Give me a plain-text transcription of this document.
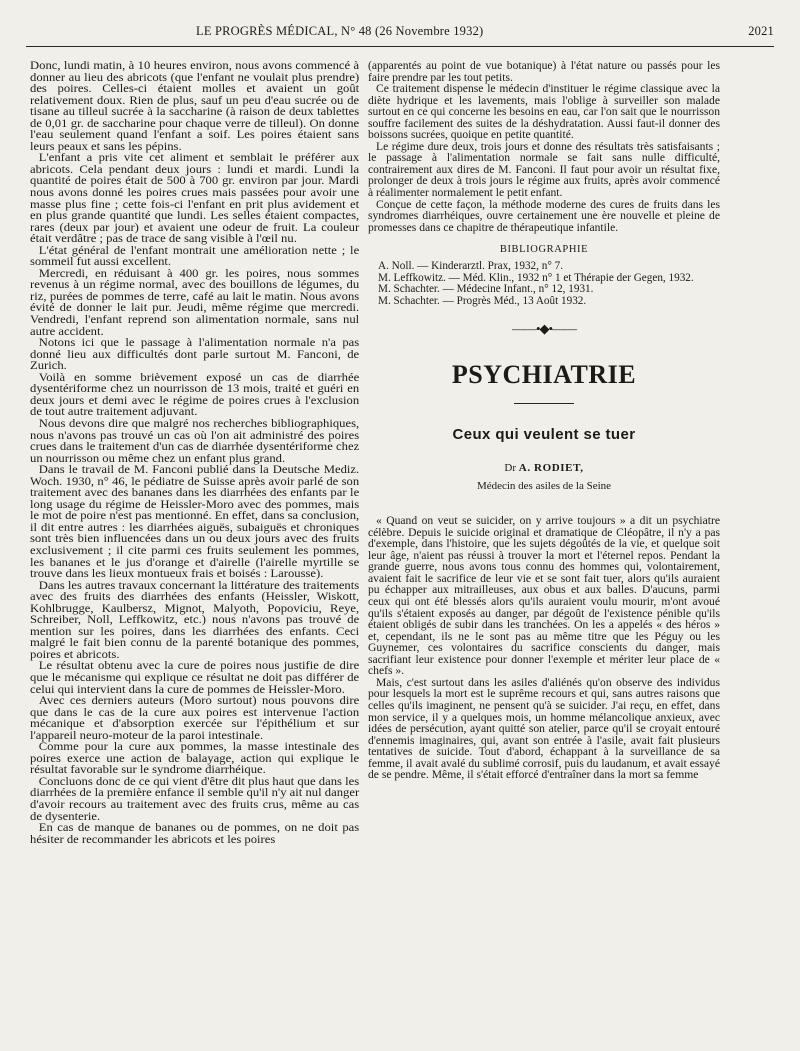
LE PROGRÈS MÉDICAL, N° 48 (26 Novembre 1932)	2021

Donc, lundi matin, à 10 heures environ, nous avons commencé à donner au lieu des abricots (que l'enfant ne voulait plus prendre) des poires. Celles-ci étaient molles et avaient un goût relativement doux. Rien de plus, sauf un peu d'eau sucrée ou de tisane au tilleul sucrée à la saccharine (à raison de deux tablettes de 0,01 gr. de saccharine pour chaque verre de tilleul). On donne l'eau seulement quand l'enfant a soif. Les poires étaient sans leurs peaux et sans les pépins.

L'enfant a pris vite cet aliment et semblait le préférer aux abricots. Cela pendant deux jours : lundi et mardi. Lundi la quantité de poires était de 500 à 700 gr. environ par jour. Mardi nous avons donné les poires crues mais passées pour avoir une masse plus fine ; cette fois-ci l'enfant en prit plus avidement et en plus grande quantité que lundi. Les selles étaient compactes, rares (deux par jour) et avaient une odeur de fruit. La couleur était verdâtre ; pas de trace de sang visible à l'œil nu.

L'état général de l'enfant montrait une amélioration nette ; le sommeil fut aussi excellent.

Mercredi, en réduisant à 400 gr. les poires, nous sommes revenus à un régime normal, avec des bouillons de légumes, du riz, purées de pommes de terre, café au lait le matin. Nous avons évité de donner le lait pur. Jeudi, même régime que mercredi. Vendredi, l'enfant reprend son alimentation normale, sans nul autre accident.

Notons ici que le passage à l'alimentation normale n'a pas donné lieu aux difficultés dont parle surtout M. Fanconi, de Zurich.

Voilà en somme brièvement exposé un cas de diarrhée dysentériforme chez un nourrisson de 13 mois, traité et guéri en deux jours et demi avec le régime de poires crues à l'exclusion de tout autre traitement adjuvant.

Nous devons dire que malgré nos recherches bibliographiques, nous n'avons pas trouvé un cas où l'on ait administré des poires crues dans le traitement d'un cas de diarrhée dysentériforme chez un nourrisson ou même chez un enfant plus grand.

Dans le travail de M. Fanconi publié dans la Deutsche Mediz. Woch. 1930, n° 46, le pédiatre de Suisse après avoir parlé de son traitement avec des bananes dans les diarrhées des enfants par le long usage du régime de Heissler-Moro avec des pommes, mais le mot de poire n'est pas mentionné. En effet, dans sa conclusion, il dit entre autres : les diarrhées aiguës, subaiguës et chroniques sont très bien influencées dans un ou deux jours avec des fruits exclusivement ; il cite parmi ces fruits seulement les pommes, les bananes et le jus d'orange et d'airelle (l'airelle myrtille se trouve dans les lieux montueux frais et boisés : Larousse).

Dans les autres travaux concernant la littérature des traitements avec des fruits des diarrhées des enfants (Heissler, Wiskott, Kohlbrugge, Kaulbersz, Mignot, Malyoth, Popoviciu, Reye, Schreiber, Noll, Leffkowitz, etc.) nous n'avons pas trouvé de mention sur les poires, dans les diarrhées des enfants. Ceci malgré le fait bien connu de la parenté botanique des pommes, poires et abricots.

Le résultat obtenu avec la cure de poires nous justifie de dire que le mécanisme qui explique ce résultat ne doit pas différer de celui qui intervient dans la cure de pommes de Heissler-Moro.

Avec ces derniers auteurs (Moro surtout) nous pouvons dire que dans le cas de la cure aux poires est intervenue l'action mécanique et d'absorption exercée sur l'épithélium et sur l'appareil neuro-moteur de la paroi intestinale.

Comme pour la cure aux pommes, la masse intestinale des poires exerce une action de balayage, action qui explique le résultat favorable sur le syndrome diarrhéique.

Concluons donc de ce qui vient d'être dit plus haut que dans les diarrhées de la première enfance il semble qu'il n'y ait nul danger d'avoir recours au traitement avec des fruits crus, même au cas de dysenterie.

En cas de manque de bananes ou de pommes, on ne doit pas hésiter de recommander les abricots et les poires

(apparentés au point de vue botanique) à l'état nature ou passés pour les faire prendre par les tout petits.

Ce traitement dispense le médecin d'instituer le régime classique avec la diète hydrique et les lavements, mais l'oblige à surveiller son malade surtout en ce qui concerne les besoins en eau, car l'on sait que le nourrisson souffre facilement des suites de la déshydratation. Aussi faut-il donner des boissons sucrées, quoique en petite quantité.

Le régime dure deux, trois jours et donne des résultats très satisfaisants ; le passage à l'alimentation normale se fait sans nulle difficulté, contrairement aux dires de M. Fanconi. Il faut pour avoir un résultat fixe, prolonger de deux à trois jours le régime aux fruits, après avoir commencé à réalimenter normalement le petit enfant.

Conçue de cette façon, la méthode moderne des cures de fruits dans les syndromes diarrhéiques, ouvre certainement une ère nouvelle et pleine de promesses dans ce chapitre de thérapeutique infantile.

BIBLIOGRAPHIE

A. Noll. — Kinderarztl. Prax, 1932, n° 7.

M. Leffkowitz. — Méd. Klin., 1932 n° 1 et Thérapie der Gegen, 1932.

M. Schachter. — Médecine Infant., n° 12, 1931.

M. Schachter. — Progrès Méd., 13 Août 1932.

——•◆•——
PSYCHIATRIE
Ceux qui veulent se tuer
Dr A. RODIET,
Médecin des asiles de la Seine

« Quand on veut se suicider, on y arrive toujours » a dit un psychiatre célèbre. Depuis le suicide original et dramatique de Cléopâtre, il n'y a pas d'exemple, dans l'histoire, que les sujets dégoûtés de la vie, et quelque soit leur âge, n'aient pas réussi à trouver la mort et l'éternel repos. Pendant la grande guerre, nous avons tous connu des hommes qui, volontairement, avaient fait le sacrifice de leur vie et se sont fait tuer, alors qu'ils auraient pu échapper aux mitrailleuses, aux obus et aux balles. D'aucuns, parmi ceux qui ont été blessés alors qu'ils auraient voulu mourir, m'ont avoué qu'ils s'étaient exposés au danger, par dégoût de l'existence pénible qu'ils étaient obligés de subir dans les tranchées. On les a appelés « des héros » et, cependant, ils ne le sont pas au même titre que les Péguy ou les Guynemer, ces volontaires du sacrifice conscients du danger, mais sacrifiant leur existence pour donner l'exemple et mériter leur place de « chefs ».

Mais, c'est surtout dans les asiles d'aliénés qu'on observe des individus pour lesquels la mort est le suprême recours et qui, sans autres raisons que celles qu'ils imaginent, ne pensent qu'à se suicider. J'ai reçu, en effet, dans mon service, il y a quelques mois, un homme mélancolique anxieux, avec idées de persécution, ayant quitté son atelier, parce qu'il se croyait entouré d'ennemis imaginaires, qui, avant son entrée à l'asile, avait fait plusieurs tentatives de suicide. Tout d'abord, échappant à la surveillance de sa femme, il avait avalé du sublimé corrosif, puis du laudanum, et avait essayé de se pendre. Même, il s'était efforcé d'entraîner dans la mort sa femme
